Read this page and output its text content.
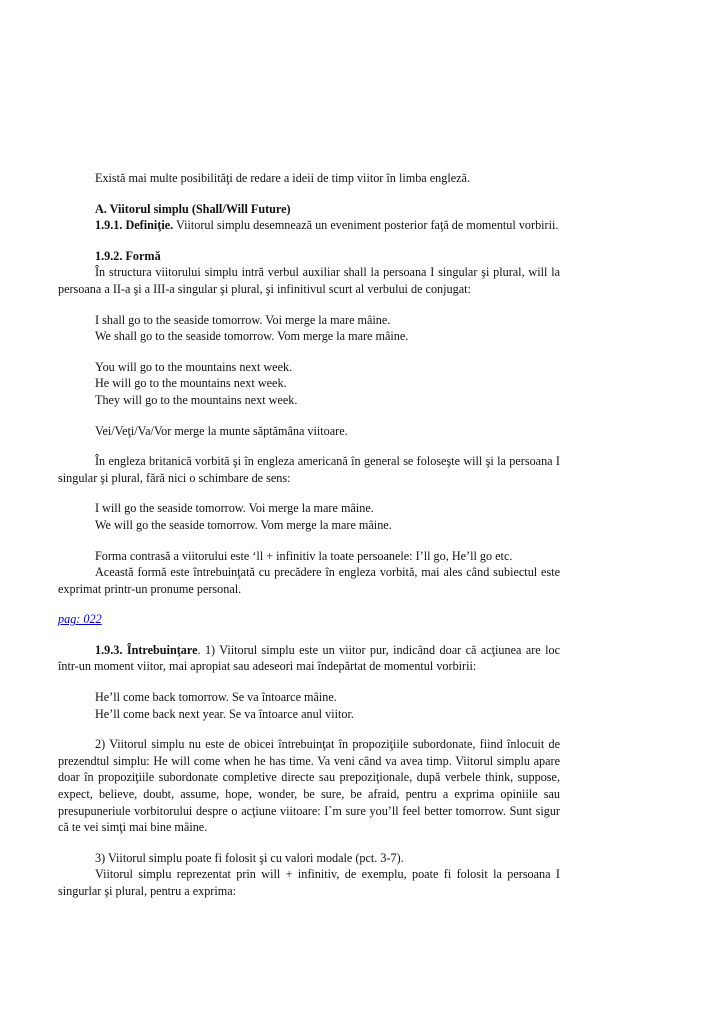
Există mai multe posibilităţi de redare a ideii de timp viitor în limba engleză.

A. Viitorul simplu (Shall/Will Future)

1.9.1. Definiţie. Viitorul simplu desemnează un eveniment posterior faţă de momentul vorbirii.

1.9.2. Formă

În structura viitorului simplu intră verbul auxiliar shall la persoana I singular şi plural, will la persoana a II-a şi a III-a singular şi plural, şi infinitivul scurt al verbului de conjugat:

I shall go to the seaside tomorrow. Voi merge la mare mâine.

We shall go to the seaside tomorrow. Vom merge la mare mâine.

You will go to the mountains next week.

He will go to the mountains next week.

They will go to the mountains next week.

Vei/Veţi/Va/Vor merge la munte săptămâna viitoare.

În engleza britanică vorbită şi în engleza americană în general se foloseşte will şi la persoana I singular şi plural, fără nici o schimbare de sens:

I will go the seaside tomorrow. Voi merge la mare mâine.

We will go the seaside tomorrow. Vom merge la mare mâine.

Forma contrasă a viitorului este ‘ll + infinitiv la toate persoanele: I’ll go, He’ll go etc.

Această formă este întrebuinţată cu precădere în engleza vorbită, mai ales când subiectul este exprimat printr-un pronume personal.

pag: 022

1.9.3. Întrebuinţare. 1) Viitorul simplu este un viitor pur, indicând doar că acţiunea are loc într-un moment viitor, mai apropiat sau adeseori mai îndepărtat de momentul vorbirii:

He’ll come back tomorrow. Se va întoarce mâine.

He’ll come back next year. Se va întoarce anul viitor.

2) Viitorul simplu nu este de obicei întrebuinţat în propoziţiile subordonate, fiind înlocuit de prezendtul simplu: He will come when he has time. Va veni când va avea timp. Viitorul simplu apare doar în propoziţiile subordonate completive directe sau prepoziţionale, după verbele think, suppose, expect, believe, doubt, assume, hope, wonder, be sure, be afraid, pentru a exprima opiniile sau presupuneriule vorbitorului despre o acţiune viitoare: I`m sure you’ll feel better tomorrow. Sunt sigur că te vei simţi mai bine mâine.

3) Viitorul simplu poate fi folosit şi cu valori modale (pct. 3-7).

Viitorul simplu reprezentat prin will + infinitiv, de exemplu, poate fi folosit la persoana I singurlar şi plural, pentru a exprima:
